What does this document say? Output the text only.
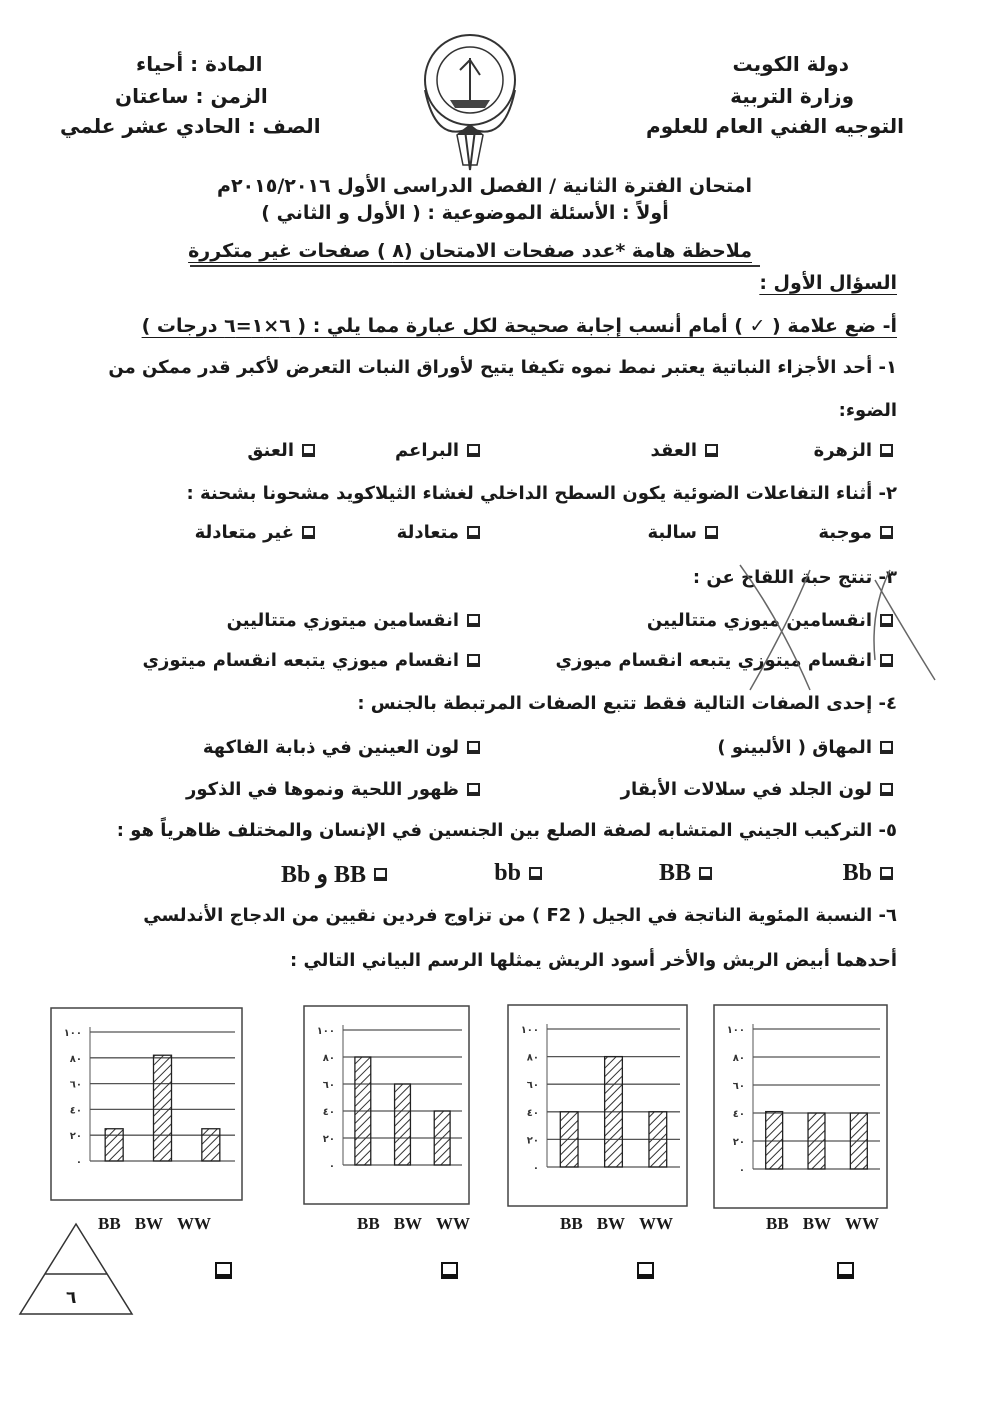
دولة الكويت
وزارة التربية
التوجيه الفني العام للعلوم
المادة : أحياء
الزمن : ساعتان
الصف : الحادي عشر علمي
امتحان الفترة الثانية / الفصل الدراسى الأول ٢٠١٥/٢٠١٦م
أولاً : الأسئلة الموضوعية : ( الأول و الثاني )
ملاحظة هامة *عدد صفحات الامتحان (٨ ) صفحات غير متكررة
السؤال الأول :
أ- ضع علامة ( ✓ ) أمام أنسب إجابة صحيحة لكل عبارة مما يلي : ( ٦×١=٦ درجات )
١- أحد الأجزاء النباتية يعتبر نمط نموه تكيفا يتيح لأوراق النبات التعرض لأكبر قدر ممكن من
الضوء:
الزهرة
العقد
البراعم
العنق
٢- أثناء التفاعلات الضوئية يكون السطح الداخلي لغشاء الثيلاكويد مشحونا بشحنة :
موجبة
سالبة
متعادلة
غير متعادلة
٣- تنتج حبة اللقاح عن :
انقسامين ميوزي متتاليين
انقسامين ميتوزي متتاليين
انقسام ميتوزي يتبعه انقسام ميوزي
انقسام ميوزي يتبعه انقسام ميتوزي
٤- إحدى الصفات التالية فقط تتبع الصفات المرتبطة بالجنس :
المهاق ( الألبينو )
لون العينين في ذبابة الفاكهة
لون الجلد في سلالات الأبقار
ظهور اللحية ونموها في الذكور
٥- التركيب الجيني المتشابه لصفة الصلع بين الجنسين في الإنسان والمختلف ظاهرياً هو :
Bb
BB
bb
BB و Bb
٦- النسبة المئوية الناتجة في الجيل ( F2 ) من تزاوج فردين نقيين من الدجاج الأندلسي
أحدهما أبيض الريش والأخر أسود الريش يمثلها الرسم البياني التالي :
٠
٢٠
٤٠
٦٠
٨٠
١٠٠
BB BW WW
٠
٢٠
٤٠
٦٠
٨٠
١٠٠
BB BW WW
٠
٢٠
٤٠
٦٠
٨٠
١٠٠
BB BW WW
٠
٢٠
٤٠
٦٠
٨٠
١٠٠
BB BW WW
٦
